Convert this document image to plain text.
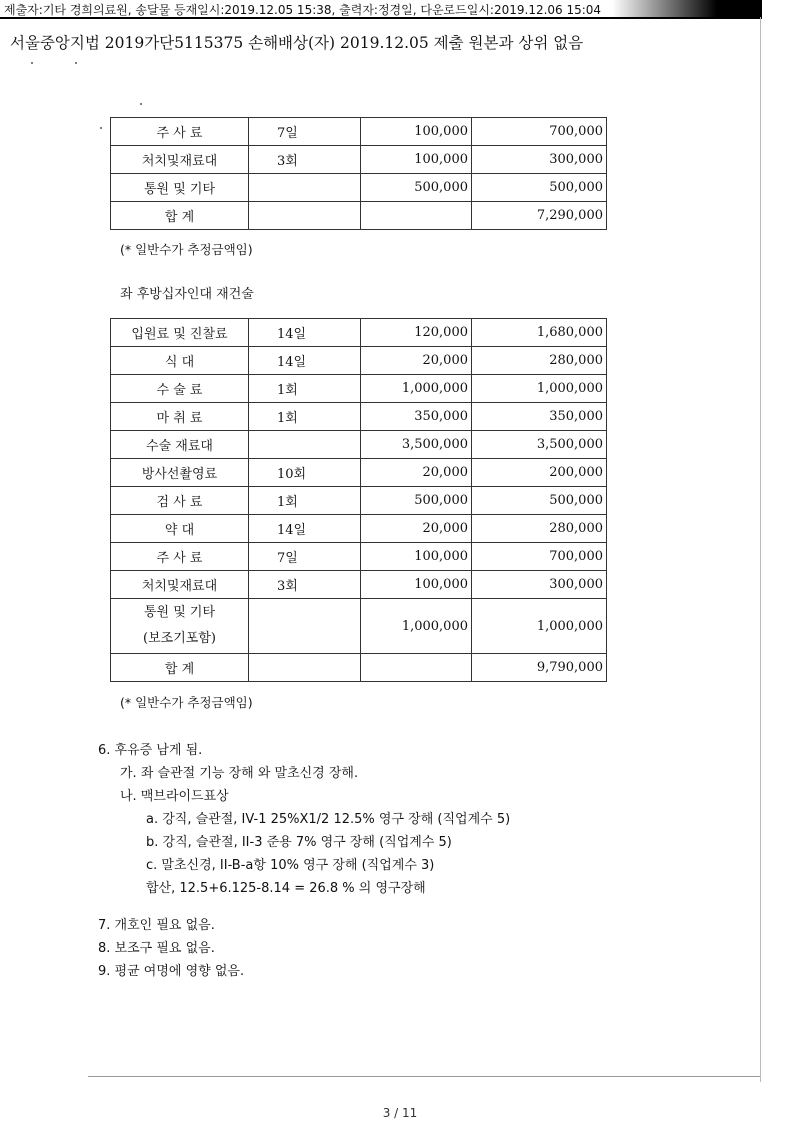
제출자:기타 경희의료원, 송달물 등재일시:2019.12.05 15:38, 출력자:정경일, 다운로드일시:2019.12.06 15:04
서울중앙지법 2019가단5115375 손해배상(자) 2019.12.05 제출 원본과 상위 없음
주 사 료	7일	100,000	700,000
처치및재료대	3회	100,000	300,000
통원 및 기타		500,000	500,000
합 계			7,290,000
(* 일반수가 추정금액임)
좌 후방십자인대 재건술
입원료 및 진찰료	14일	120,000	1,680,000
식 대	14일	20,000	280,000
수 술 료	1회	1,000,000	1,000,000
마 취 료	1회	350,000	350,000
수술 재료대		3,500,000	3,500,000
방사선촬영료	10회	20,000	200,000
검 사 료	1회	500,000	500,000
약 대	14일	20,000	280,000
주 사 료	7일	100,000	700,000
처치및재료대	3회	100,000	300,000

통원 및 기타
(보조기포함)		1,000,000	1,000,000
합 계			9,790,000
(* 일반수가 추정금액임)
6. 후유증 남게 됨.
가. 좌 슬관절 기능 장해 와 말초신경 장해.
나. 맥브라이드표상
a. 강직, 슬관절, IV-1 25%X1/2 12.5% 영구 장해 (직업계수 5)
b. 강직, 슬관절, II-3 준용 7% 영구 장해 (직업계수 5)
c. 말초신경, II-B-a항 10% 영구 장해 (직업계수 3)
합산, 12.5+6.125-8.14 = 26.8 % 의 영구장해
7. 개호인 필요 없음.
8. 보조구 필요 없음.
9. 평균 여명에 영향 없음.
3 / 11
